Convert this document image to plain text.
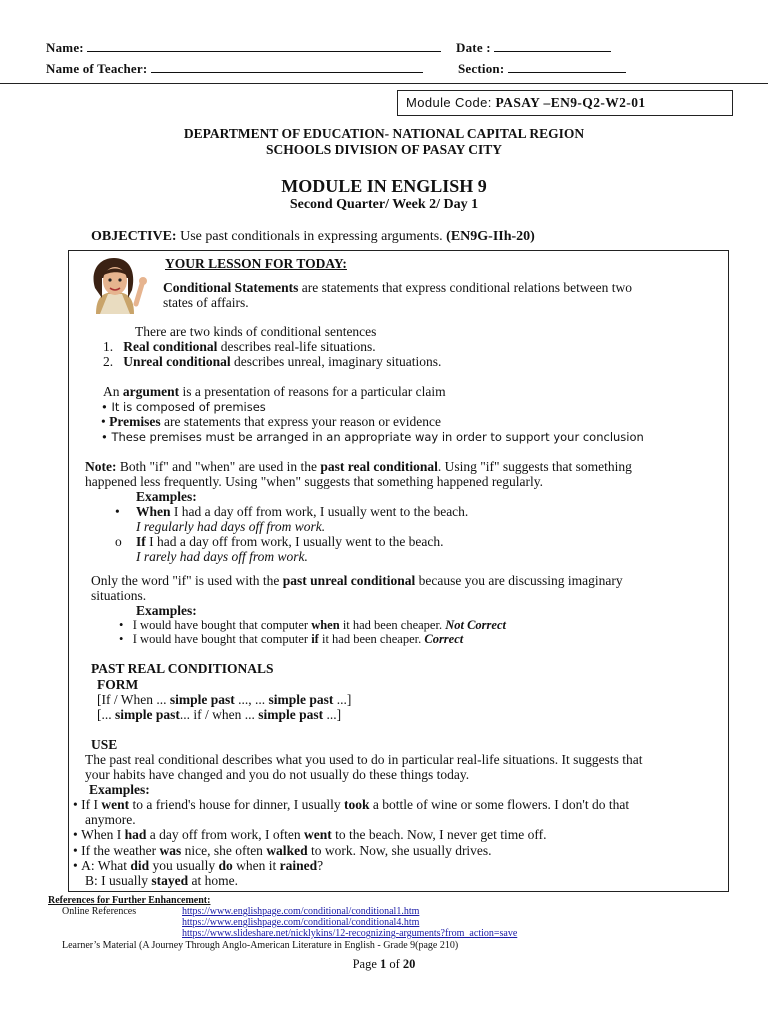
Name:	Date :
Name of Teacher:	Section:
Module Code: PASAY –EN9-Q2-W2-01
DEPARTMENT OF EDUCATION- NATIONAL CAPITAL REGION
SCHOOLS DIVISION OF PASAY CITY
MODULE IN ENGLISH 9
Second Quarter/ Week 2/ Day 1
OBJECTIVE: Use past conditionals in expressing arguments. (EN9G-IIh-20)
YOUR LESSON FOR TODAY:
Conditional Statements are statements that express conditional relations between two
states of affairs.
There are two kinds of conditional sentences
1. Real conditional describes real-life situations.
2. Unreal conditional describes unreal, imaginary situations.
An argument is a presentation of reasons for a particular claim
• It is composed of premises
• Premises are statements that express your reason or evidence
• These premises must be arranged in an appropriate way in order to support your conclusion
Note: Both "if" and "when" are used in the past real conditional. Using "if" suggests that something
happened less frequently. Using "when" suggests that something happened regularly.
Examples:
• When I had a day off from work, I usually went to the beach.
I regularly had days off from work.
o If I had a day off from work, I usually went to the beach.
I rarely had days off from work.
Only the word "if" is used with the past unreal conditional because you are discussing imaginary
situations.
Examples:
• I would have bought that computer when it had been cheaper. Not Correct
• I would have bought that computer if it had been cheaper. Correct
PAST REAL CONDITIONALS
FORM
[If / When ... simple past ..., ... simple past ...]
[... simple past... if / when ... simple past ...]
USE
The past real conditional describes what you used to do in particular real-life situations. It suggests that
your habits have changed and you do not usually do these things today.
Examples:
• If I went to a friend's house for dinner, I usually took a bottle of wine or some flowers. I don't do that
anymore.
• When I had a day off from work, I often went to the beach. Now, I never get time off.
• If the weather was nice, she often walked to work. Now, she usually drives.
• A: What did you usually do when it rained?
B: I usually stayed at home.
References for Further Enhancement:
Online References	https://www.englishpage.com/conditional/conditional1.htm
https://www.englishpage.com/conditional/conditional4.htm
https://www.slideshare.net/nicklykins/12-recognizing-arguments?from_action=save
Learner’s Material (A Journey Through Anglo-American Literature in English - Grade 9(page 210)
Page 1 of 20
